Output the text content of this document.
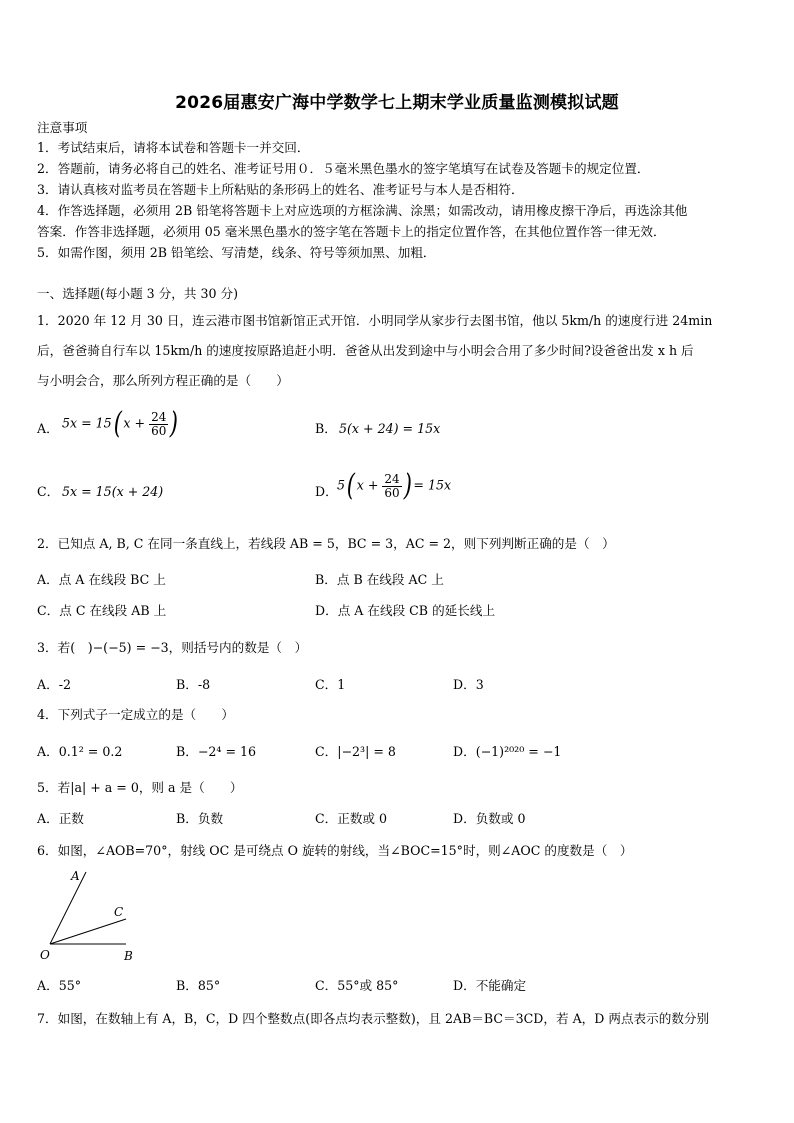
2026届惠安广海中学数学七上期末学业质量监测模拟试题
注意事项
1．考试结束后，请将本试卷和答题卡一并交回．
2．答题前，请务必将自己的姓名、准考证号用０．５毫米黑色墨水的签字笔填写在试卷及答题卡的规定位置．
3．请认真核对监考员在答题卡上所粘贴的条形码上的姓名、准考证号与本人是否相符．
4．作答选择题，必须用 2B 铅笔将答题卡上对应选项的方框涂满、涂黑；如需改动，请用橡皮擦干净后，再选涂其他
答案．作答非选择题，必须用 05 毫米黑色墨水的签字笔在答题卡上的指定位置作答，在其他位置作答一律无效．
5．如需作图，须用 2B 铅笔绘、写清楚，线条、符号等须加黑、加粗．
一、选择题(每小题 3 分，共 30 分)
1．2020 年 12 月 30 日，连云港市图书馆新馆正式开馆．小明同学从家步行去图书馆，他以 5km/h 的速度行进 24min
后，爸爸骑自行车以 15km/h 的速度按原路追赶小明．爸爸从出发到途中与小明会合用了多少时间?设爸爸出发 x h 后
与小明会合，那么所列方程正确的是（　　）
A． 5x = 15( $x + \frac{24}{60}$ )	B． 5(x + 24) = 15x
C． 5x = 15(x + 24)	D． 5( $x + \frac{24}{60}$ ) = 15x
2．已知点 A, B, C 在同一条直线上，若线段 AB = 5，BC = 3，AC = 2，则下列判断正确的是（　）
A．点 A 在线段 BC 上	B．点 B 在线段 AC 上
C．点 C 在线段 AB 上	D．点 A 在线段 CB 的延长线上
3．若(　)−(−5) = −3，则括号内的数是（　）
A．-2	B．-8	C．1	D．3
4．下列式子一定成立的是（　　）
A．0.1² = 0.2	B．−2⁴ = 16	C．|−2³| = 8	D．(−1)²⁰²⁰ = −1
5．若|a| + a = 0，则 a 是（　　）
A．正数	B．负数	C．正数或 0	D．负数或 0
6．如图，∠AOB=70°，射线 OC 是可绕点 O 旋转的射线，当∠BOC=15°时，则∠AOC 的度数是（　）
A
C
O	B
A．55°	B．85°	C．55°或 85°	D．不能确定
7．如图，在数轴上有 A，B，C，D 四个整数点(即各点均表示整数)，且 2AB＝BC＝3CD，若 A，D 两点表示的数分别
